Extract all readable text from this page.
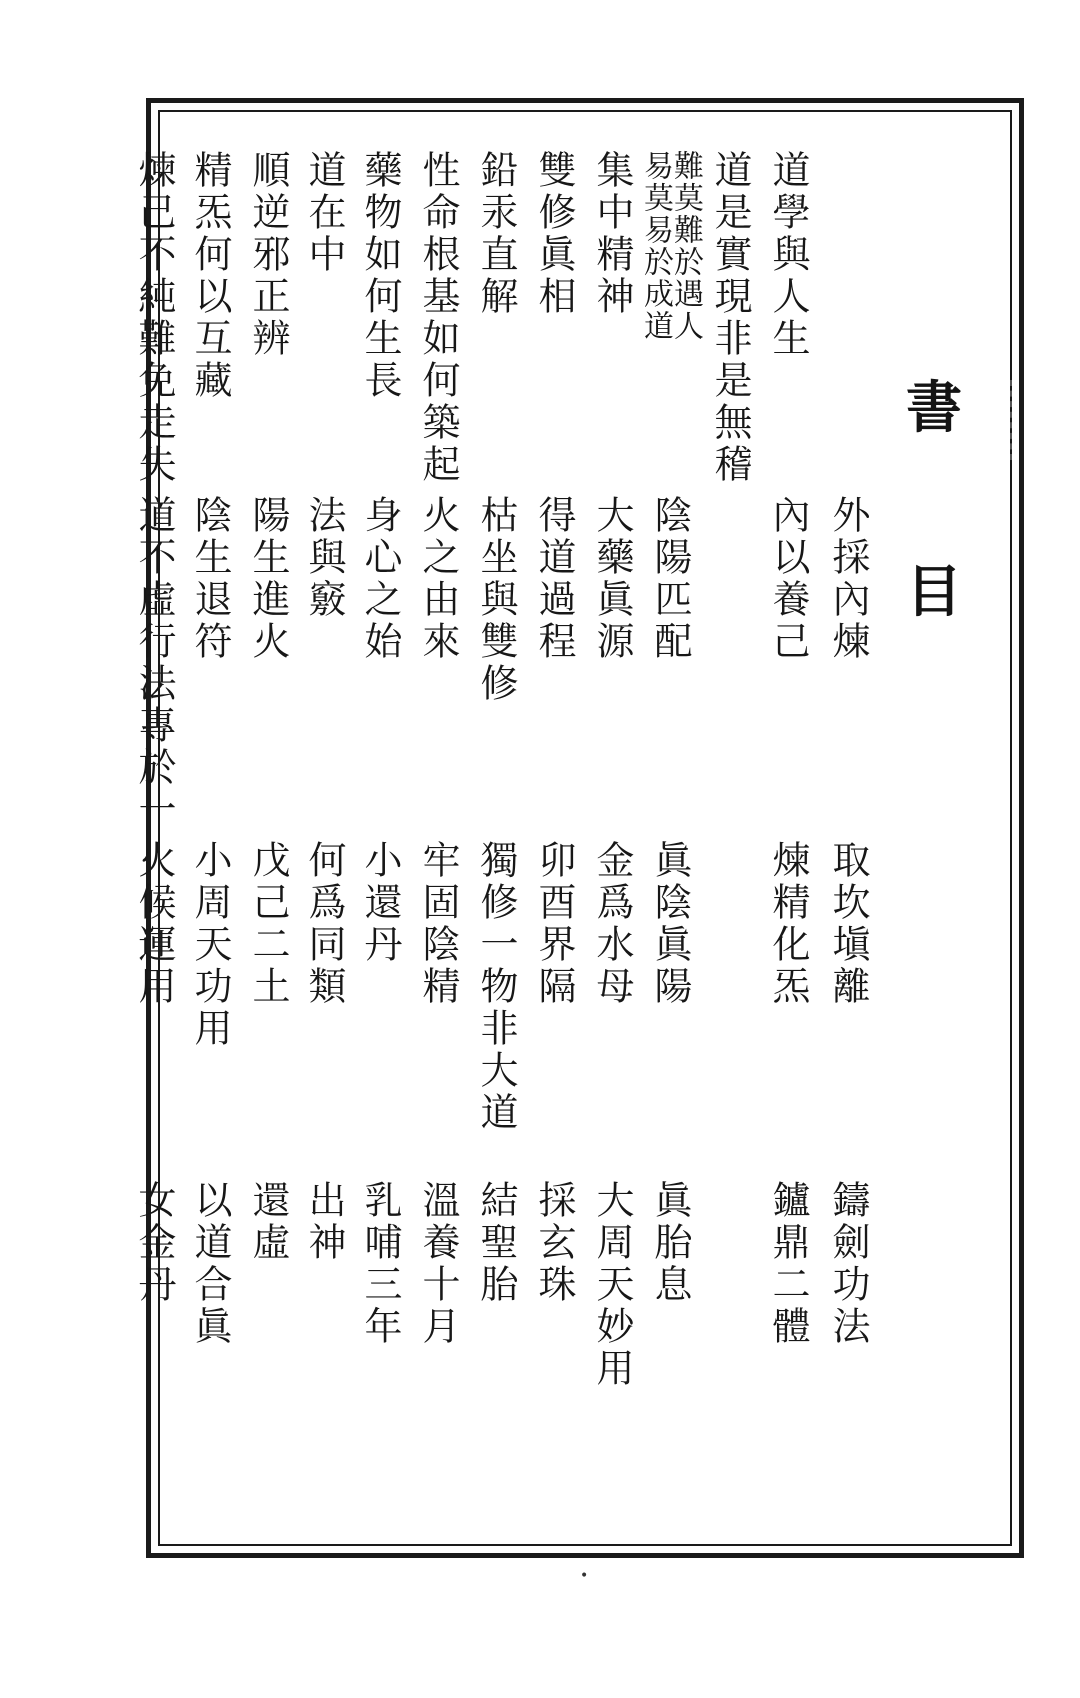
書
目
外採內煉
取坎塡離
鑄劍功法
道學與人生
內以養己
煉精化炁
鑪鼎二體
道是實現非是無稽
難莫難於遇人
易莫易於成道
陰陽匹配
眞陰眞陽
眞胎息
集中精神
大藥眞源
金爲水母
大周天妙用
雙修眞相
得道過程
卯酉界隔
採玄珠
鉛汞直解
枯坐與雙修
獨修一物非大道
結聖胎
性命根基如何築起
火之由來
牢固陰精
溫養十月
藥物如何生長
身心之始
小還丹
乳哺三年
道在中
法與竅
何爲同類
出神
順逆邪正辨
陽生進火
戊己二土
還虛
精炁何以互藏
陰生退符
小周天功用
以道合眞
煉己不純難免走失
道不虛行法專於一
火候運用
女金丹
•
